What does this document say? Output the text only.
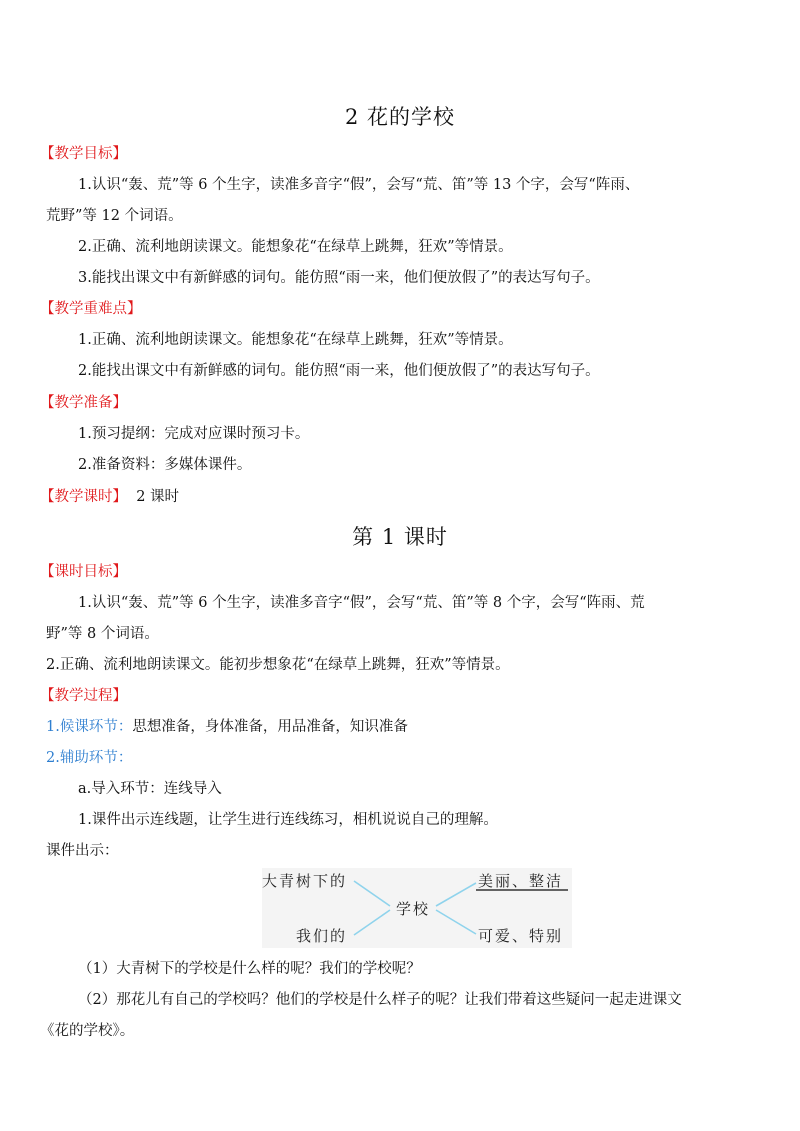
2 花的学校
【教学目标】
1.认识“轰、荒”等 6 个生字，读准多音字“假”，会写“荒、笛”等 13 个字，会写“阵雨、
荒野”等 12 个词语。
2.正确、流利地朗读课文。能想象花“在绿草上跳舞，狂欢”等情景。
3.能找出课文中有新鲜感的词句。能仿照“雨一来，他们便放假了”的表达写句子。
【教学重难点】
1.正确、流利地朗读课文。能想象花“在绿草上跳舞，狂欢”等情景。
2.能找出课文中有新鲜感的词句。能仿照“雨一来，他们便放假了”的表达写句子。
【教学准备】
1.预习提纲：完成对应课时预习卡。
2.准备资料：多媒体课件。
【教学课时】 2 课时
第 1 课时
【课时目标】
1.认识“轰、荒”等 6 个生字，读准多音字“假”，会写“荒、笛”等 8 个字，会写“阵雨、荒
野”等 8 个词语。
2.正确、流利地朗读课文。能初步想象花“在绿草上跳舞，狂欢”等情景。
【教学过程】
1.候课环节：思想准备，身体准备，用品准备，知识准备
2.辅助环节：
a.导入环节：连线导入
1.课件出示连线题，让学生进行连线练习，相机说说自己的理解。
课件出示：
大青树下的
我们的
学校
美丽、整洁
可爱、特别
（1）大青树下的学校是什么样的呢？我们的学校呢？
（2）那花儿有自己的学校吗？他们的学校是什么样子的呢？让我们带着这些疑问一起走进课文
《花的学校》。
